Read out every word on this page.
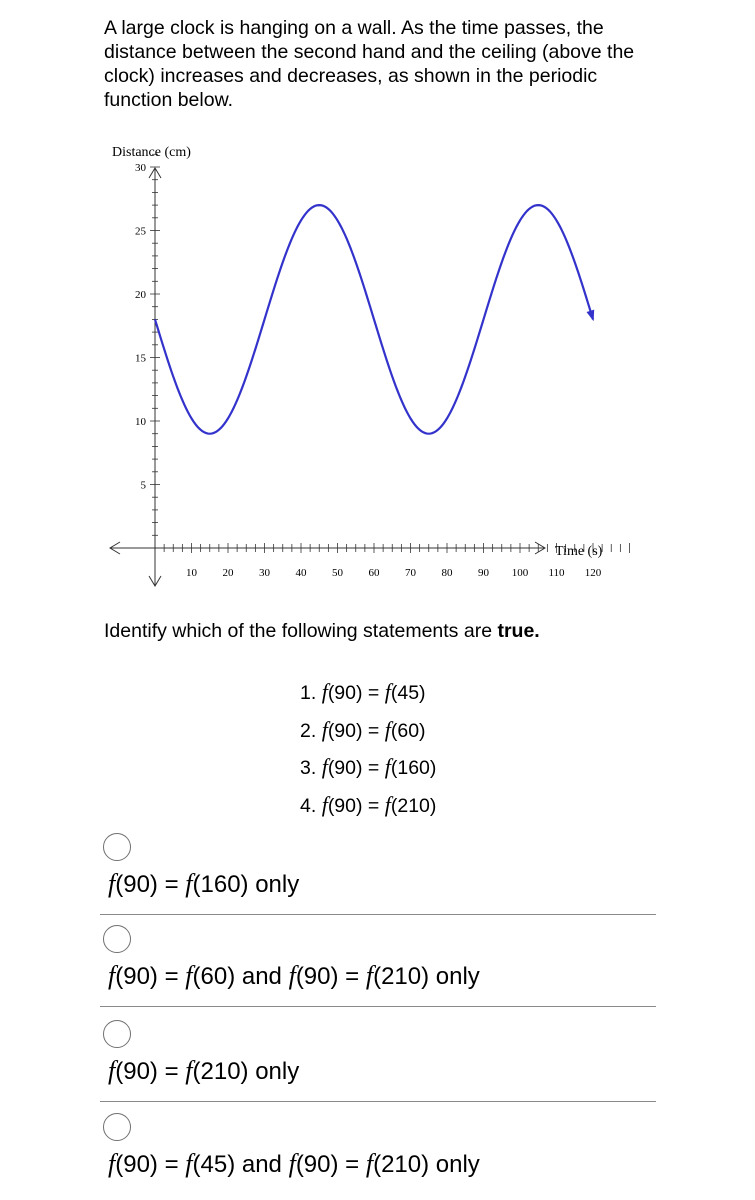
A large clock is hanging on a wall. As the time passes, the distance between the second hand and the ceiling (above the clock) increases and decreases, as shown in the periodic function below.

10 20 30 40 50 60 70 80 90 100 110 120
5
10
15
20
25
30
Distance (cm)
Time (s)

Identify which of the following statements are true.

1. f(90) = f(45)
2. f(90) = f(60)
3. f(90) = f(160)
4. f(90) = f(210)
f(90) = f(160) only
f(90) = f(60) and f(90) = f(210) only
f(90) = f(210) only
f(90) = f(45) and f(90) = f(210) only
